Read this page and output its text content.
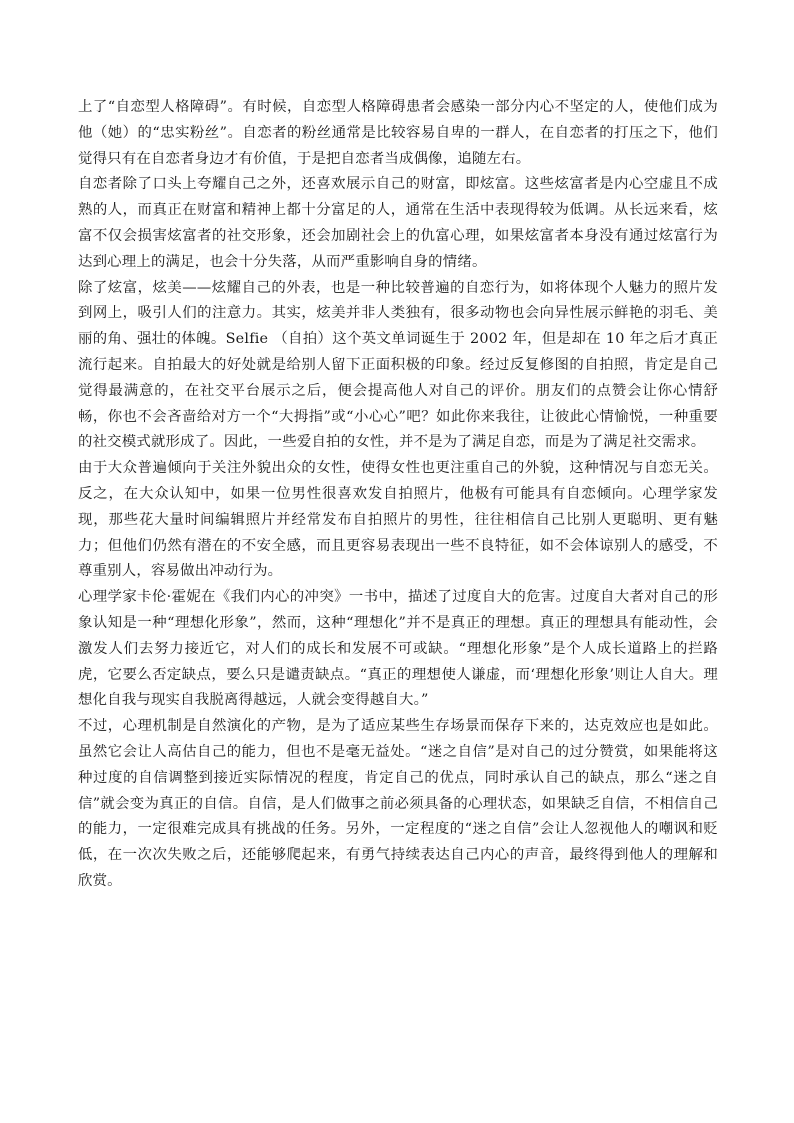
上了“自恋型人格障碍”。有时候，自恋型人格障碍患者会感染一部分内心不坚定的人，使他们成为他（她）的“忠实粉丝”。自恋者的粉丝通常是比较容易自卑的一群人，在自恋者的打压之下，他们觉得只有在自恋者身边才有价值，于是把自恋者当成偶像，追随左右。

自恋者除了口头上夸耀自己之外，还喜欢展示自己的财富，即炫富。这些炫富者是内心空虚且不成熟的人，而真正在财富和精神上都十分富足的人，通常在生活中表现得较为低调。从长远来看，炫富不仅会损害炫富者的社交形象，还会加剧社会上的仇富心理，如果炫富者本身没有通过炫富行为达到心理上的满足，也会十分失落，从而严重影响自身的情绪。

除了炫富，炫美——炫耀自己的外表，也是一种比较普遍的自恋行为，如将体现个人魅力的照片发到网上，吸引人们的注意力。其实，炫美并非人类独有，很多动物也会向异性展示鲜艳的羽毛、美丽的角、强壮的体魄。Selfie （自拍）这个英文单词诞生于 2002 年，但是却在 10 年之后才真正流行起来。自拍最大的好处就是给别人留下正面积极的印象。经过反复修图的自拍照，肯定是自己觉得最满意的，在社交平台展示之后，便会提高他人对自己的评价。朋友们的点赞会让你心情舒畅，你也不会吝啬给对方一个“大拇指”或“小心心”吧？如此你来我往，让彼此心情愉悦，一种重要的社交模式就形成了。因此，一些爱自拍的女性，并不是为了满足自恋，而是为了满足社交需求。

由于大众普遍倾向于关注外貌出众的女性，使得女性也更注重自己的外貌，这种情况与自恋无关。反之，在大众认知中，如果一位男性很喜欢发自拍照片，他极有可能具有自恋倾向。心理学家发现，那些花大量时间编辑照片并经常发布自拍照片的男性，往往相信自己比别人更聪明、更有魅力；但他们仍然有潜在的不安全感，而且更容易表现出一些不良特征，如不会体谅别人的感受，不尊重别人，容易做出冲动行为。

心理学家卡伦·霍妮在《我们内心的冲突》一书中，描述了过度自大的危害。过度自大者对自己的形象认知是一种“理想化形象”，然而，这种“理想化”并不是真正的理想。真正的理想具有能动性，会激发人们去努力接近它，对人们的成长和发展不可或缺。“理想化形象”是个人成长道路上的拦路虎，它要么否定缺点，要么只是谴责缺点。“真正的理想使人谦虚，而‘理想化形象’则让人自大。理想化自我与现实自我脱离得越远，人就会变得越自大。”

不过，心理机制是自然演化的产物，是为了适应某些生存场景而保存下来的，达克效应也是如此。虽然它会让人高估自己的能力，但也不是毫无益处。“迷之自信”是对自己的过分赞赏，如果能将这种过度的自信调整到接近实际情况的程度，肯定自己的优点，同时承认自己的缺点，那么“迷之自信”就会变为真正的自信。自信，是人们做事之前必须具备的心理状态，如果缺乏自信，不相信自己的能力，一定很难完成具有挑战的任务。另外，一定程度的“迷之自信”会让人忽视他人的嘲讽和贬低，在一次次失败之后，还能够爬起来，有勇气持续表达自己内心的声音，最终得到他人的理解和欣赏。
